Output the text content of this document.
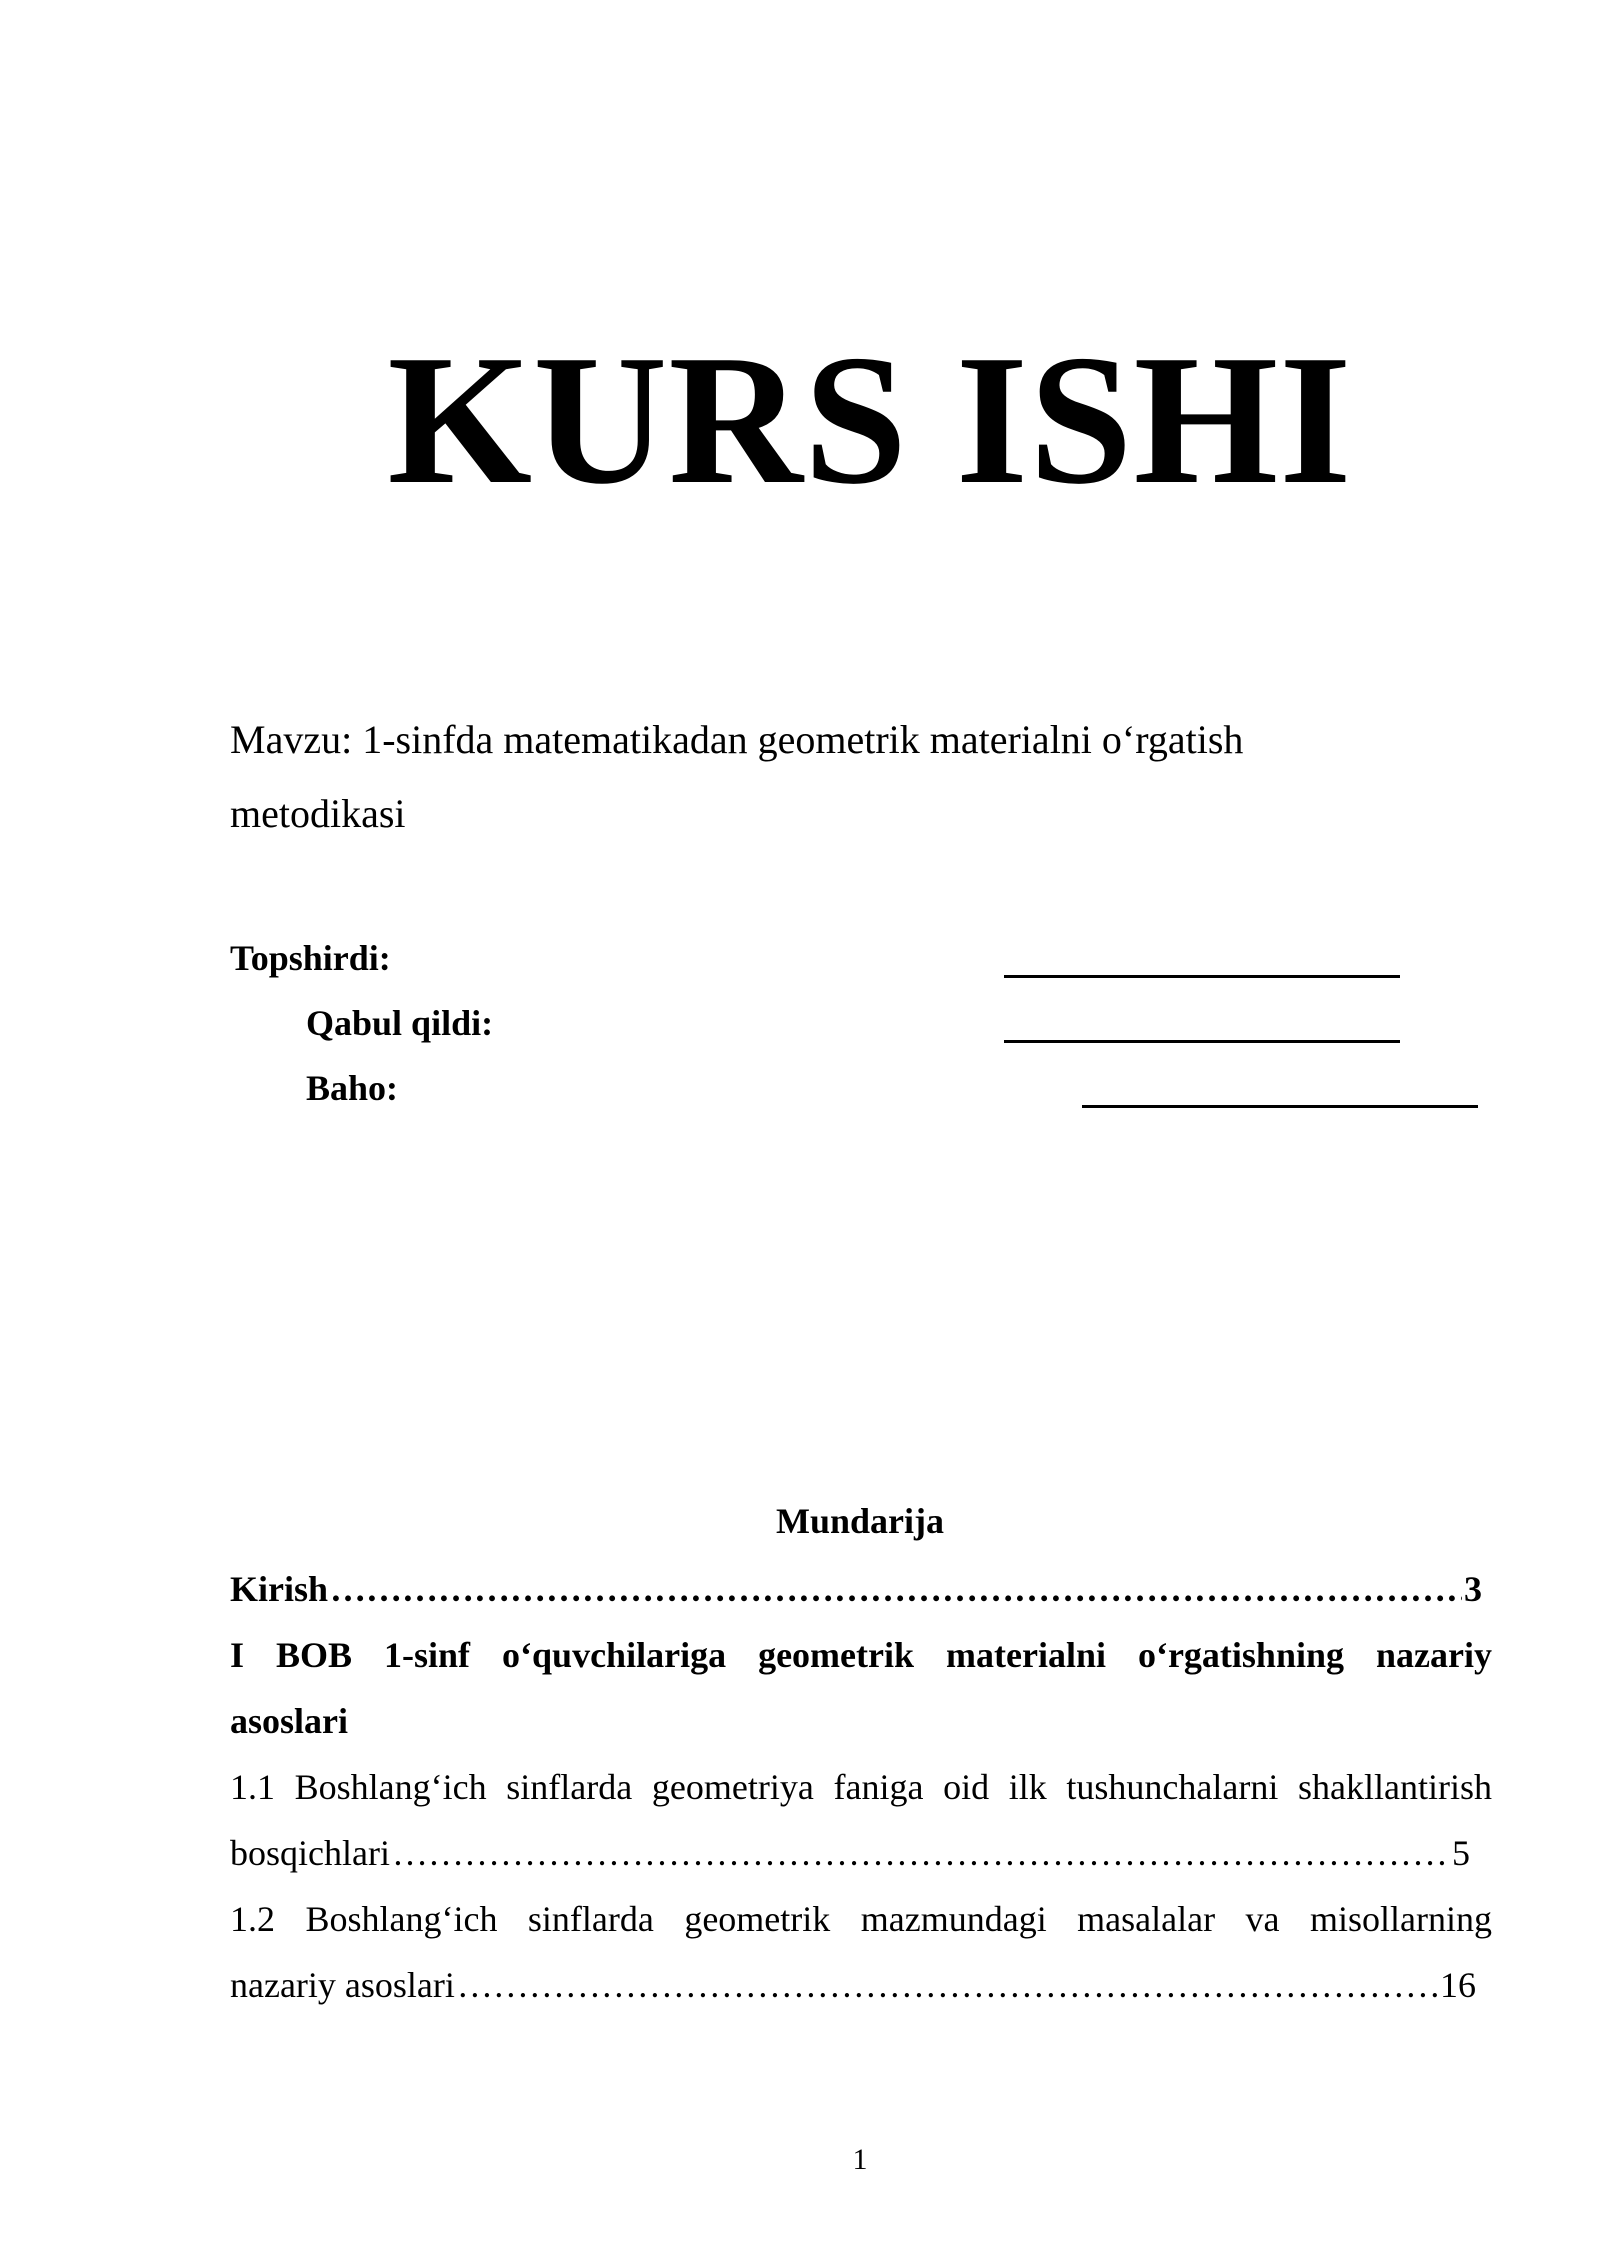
KURS ISHI
Mavzu: 1-sinfda matematikadan geometrik materialni o‘rgatish
metodikasi
Topshirdi:
Qabul qildi:
Baho:
Mundarija
Kirish ……………………………………………………………………………………………………………………………………………………………………	3
I BOB 1-sinf o‘quvchilariga geometrik materialni o‘rgatishning nazariy
asoslari
1.1 Boshlang‘ich sinflarda geometriya faniga oid ilk tushunchalarni shakllantirish
bosqichlari ……………………………………………………………………………………………………………………………………………………………………	5
1.2 Boshlang‘ich sinflarda geometrik mazmundagi masalalar va misollarning
nazariy asoslari ……………………………………………………………………………………………………………………………………………………………………	16
1
